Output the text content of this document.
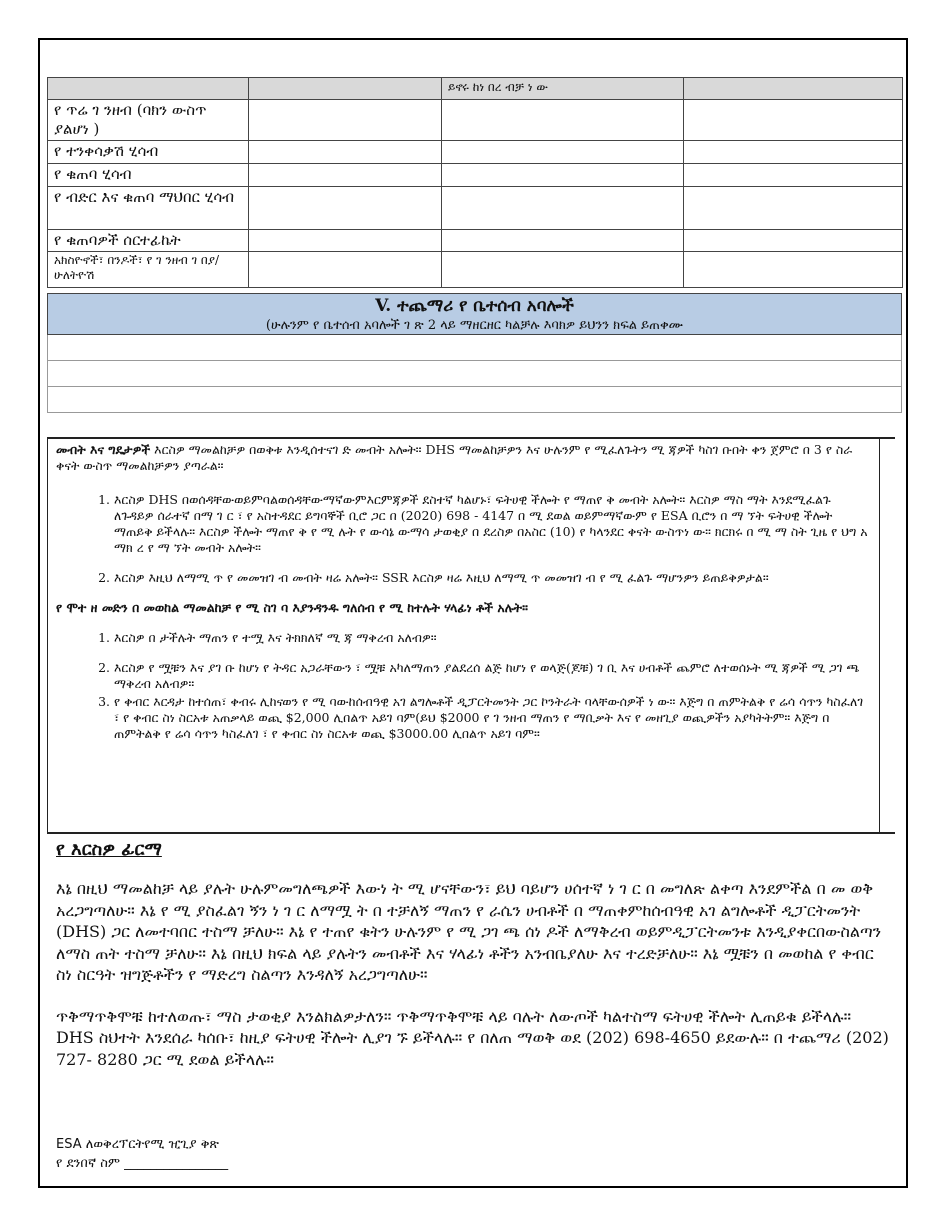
		ይኖሩ ከነ በረ ብቻ ነ ው	
የ ጥሬ ገ ንዘብ (ባክን ውስጥ ያልሆነ )			
የ ተንቀሳቃሽ ሂሳብ			
የ ቁጠባ ሂሳብ			
የ ብድር እና ቁጠባ ማህበር ሂሳብ			
የ ቁጠባዎች ሰርተፊኬት			
አክስዮኖች፣ በንዶች፣ የ ገ ንዘብ ገ በያ/ሁለትዮሽ			
V. ተጨማሪ የ ቤተሰብ አባሎች
(ሁሉንም የ ቤተሰብ አባሎች ገ ጽ 2 ላይ ማዘርዘር ካልቻሉ እባክዎ ይህንን ክፍል ይጠቀሙ

መብት እና ግዴታዎች እርስዎ ማመልከቻዎ በወቅቱ እንዲሰተናገ ድ መብት አሎት። DHS ማመልከቻዎን እና ሁሉንም የ ሚፈለጉትን ሚ ጃዎች ካስገ ቡበት ቀን ጀምሮ በ 3 የ ስራ ቀናት ውስጥ ማመልከቻዎን ያጣራል።

1. እርስዎ DHS በወሰዳቸውወይምባልወሰዳቸውማኛውምእርምጃዎች ደስተኛ ካልሆኑ፣ ፍትሀዊ ችሎት የ ማጠየ ቅ መብት አሎት። እርስዎ ማስ ማት እንደሚፈልጉ ለጉዳይዎ ሰራተኛ በማ ገ ር ፣ የ አስተዳደር ይግባኞች ቢሮ ጋር በ (2020) 698 - 4147 በ ሚ ደወል ወይምማኛውም የ ESA ቢሮን በ ማ ኘት ፍትሀዊ ችሎት ማጠይቅ ይችላሉ። እርስዎ ችሎት ማጠየ ቅ የ ሚ ሉት የ ውሳኔ ውማሳ ታወቂያ በ ደረስዎ በአስር (10) የ ካላንደር ቀናት ውስጥነ ው። ክርክሩ በ ሚ ማ ስት ጊዜ የ ህግ አ ማክ ረ የ ማ ኘት መብት አሎት።
2. እርስዎ እዚህ ለማሚ ጥ የ መመዝገ ብ መብት ዛሬ አሎት። SSR እርስዎ ዛሬ እዚህ ለማሚ ጥ መመዝገ ብ የ ሚ ፈልጉ ማሆንዎን ይጠይቅዎታል።

የ ሞተ ዘ መድን በ መወከል ማመልከቻ የ ሚ ስገ ባ እያንዳንዱ ግለሰብ የ ሚ ከተሉት ሃላፊነ ቶች አሉት።

1. እርስዎ በ ታችሉት ማጠን የ ተሟ እና ትክክለኛ ሚ ጃ ማቅረብ አለብዎ።
2. እርስዎ የ ሟቹን እና ያገ ቡ ከሆነ የ ትዳር አጋራቸውን ፣ ሟቹ አካለማጠን ያልደረሰ ልጅ ከሆነ የ ወላጅ(ጆቹ) ገ ቢ እና ሀብቶች ጨምሮ ለተወሰኑት ሚ ጃዎች ሚ ጋገ ጫ ማቅረብ አለብዎ።
3. የ ቀብር እርዳታ ከተሰጠ፣ ቀብሩ ሊከናወን የ ሚ ባውከሰብዓዊ አገ ልግሎቶች ዲፓርትመንት ጋር ኮንትራት ባላቸውሰዎች ነ ው። እጅግ በ ጠምትልቅ የ ሬሳ ሳጥን ካስፈለገ ፣ የ ቀብር ስነ ስርአቱ አጠቃላይ ወጪ $2,000 ሊበልጥ አይገ ባም(ይህ $2000 የ ገ ንዘብ ማጠን የ ማቢቃት እና የ መዘጊያ ወጪዎችን አያካትትም። እጅግ በ ጠምትልቅ የ ሬሳ ሳጥን ካስፈለገ ፣ የ ቀብር ስነ ስርአቱ ወጪ $3000.00 ሊበልጥ አይገ ባም።
የ እርስዎ ፊርማ

እኔ በዚህ ማመልከቻ ላይ ያሉት ሁሉምመግለጫዎች እውነ ት ሚ ሆናቸውን፣ ይህ ባይሆን ሀሰተኛ ነ ገ ር በ መግለጽ ልቀጣ እንደምችል በ መ ወቅ አረጋግጣለሁ። እኔ የ ሚ ያስፈልገ ኝን ነ ገ ር ለማሟ ት በ ተቻለኝ ማጠን የ ራሴን ሀብቶች በ ማጠቀምከሰብዓዊ አገ ልግሎቶች ዲፓርትመንት (DHS) ጋር ለመተባበር ተስማ ቻለሁ። እኔ የ ተጠየ ቁትን ሁሉንም የ ሚ ጋገ ጫ ሰነ ዶች ለማቅረብ ወይምዲፓርትመንቱ እንዲያቀርበውስልጣን ለማስ ጠት ተስማ ቻለሁ። እኔ በዚህ ክፍል ላይ ያሉትን መብቶች እና ሃላፊነ ቶችን አንብቤያለሁ እና ተረድቻለሁ። እኔ ሟቹን በ መወከል የ ቀብር ስነ ስርዓት ዝግጅቶችን የ ማድረግ ስልጣን እንዳለኝ አረጋግጣለሁ።

ጥቅማጥቅሞቹ ከተለወጡ፣ ማስ ታወቂያ እንልክልዎታለን። ጥቅማጥቅሞቹ ላይ ባሉት ለውጦች ካልተስማ ፍትሀዊ ችሎት ሊጠይቁ ይችላሉ። DHS ስህተት እንደሰራ ካሰቡ፣ ከዚያ ፍትሀዊ ችሎት ሊያገ ኙ ይችላሉ። የ በለጠ ማወቅ ወደ (202) 698-4650 ይደውሉ። በ ተጨማሪ (202) 727- 8280 ጋር ሚ ደወል ይችላሉ።

ESA ለወቅረፕርትየሚ ዢጊያ ቅጽ
የ ደንበኛ ስም ________________
